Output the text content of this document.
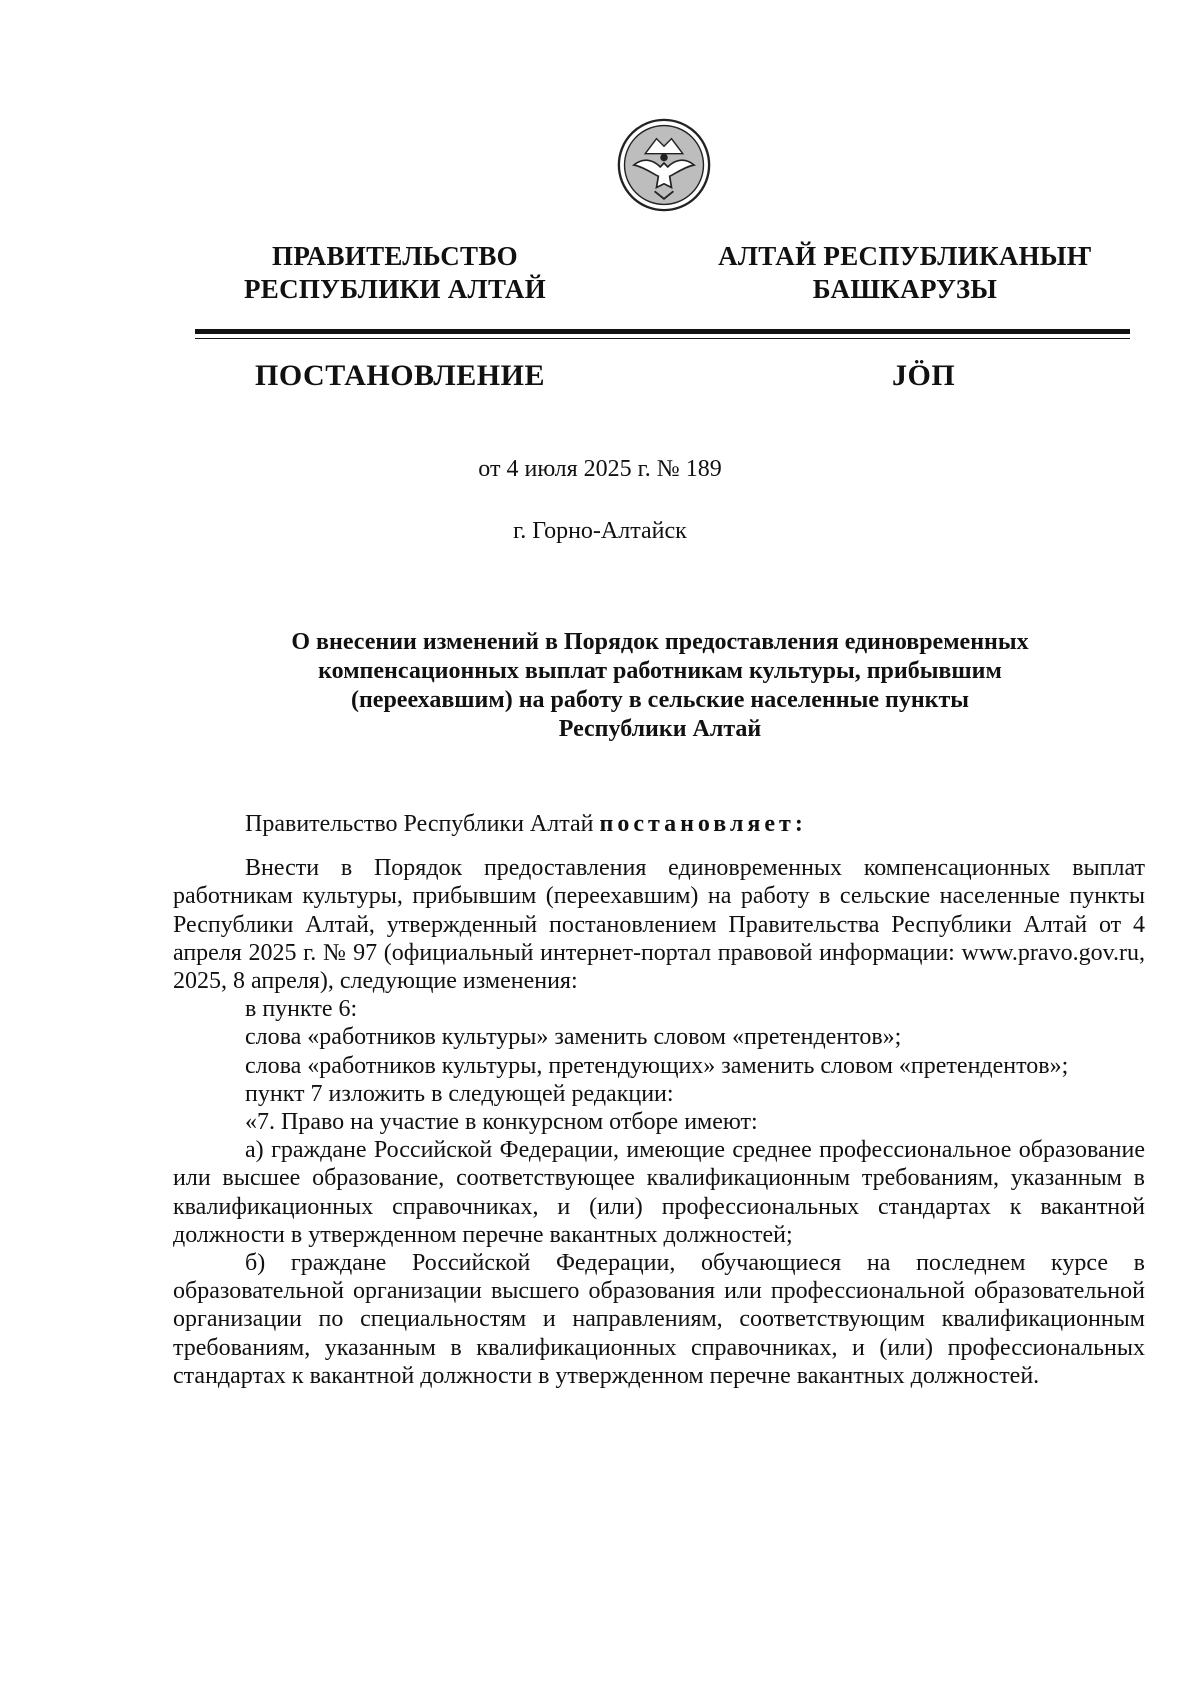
ПРАВИТЕЛЬСТВО
РЕСПУБЛИКИ АЛТАЙ
АЛТАЙ РЕСПУБЛИКАНЫҤ
БАШКАРУЗЫ
ПОСТАНОВЛЕНИЕ	JӦП
от 4 июля 2025 г. № 189
г. Горно-Алтайск
О внесении изменений в Порядок предоставления единовременных
компенсационных выплат работникам культуры, прибывшим
(переехавшим) на работу в сельские населенные пункты
Республики Алтай

Правительство Республики Алтай постановляет:

Внести в Порядок предоставления единовременных компенсационных выплат работникам культуры, прибывшим (переехавшим) на работу в сельские населенные пункты Республики Алтай, утвержденный постановлением Правительства Республики Алтай от 4 апреля 2025 г. № 97 (официальный интернет-портал правовой информации: www.pravo.gov.ru, 2025, 8 апреля), следующие изменения:

в пункте 6:

слова «работников культуры» заменить словом «претендентов»;

слова «работников культуры, претендующих» заменить словом «претендентов»;

пункт 7 изложить в следующей редакции:

«7. Право на участие в конкурсном отборе имеют:

а) граждане Российской Федерации, имеющие среднее профессиональное образование или высшее образование, соответствующее квалификационным требованиям, указанным в квалификационных справочниках, и (или) профессиональных стандартах к вакантной должности в утвержденном перечне вакантных должностей;

б) граждане Российской Федерации, обучающиеся на последнем курсе в образовательной организации высшего образования или профессиональной образовательной организации по специальностям и направлениям, соответствующим квалификационным требованиям, указанным в квалификационных справочниках, и (или) профессиональных стандартах к вакантной должности в утвержденном перечне вакантных должностей.
